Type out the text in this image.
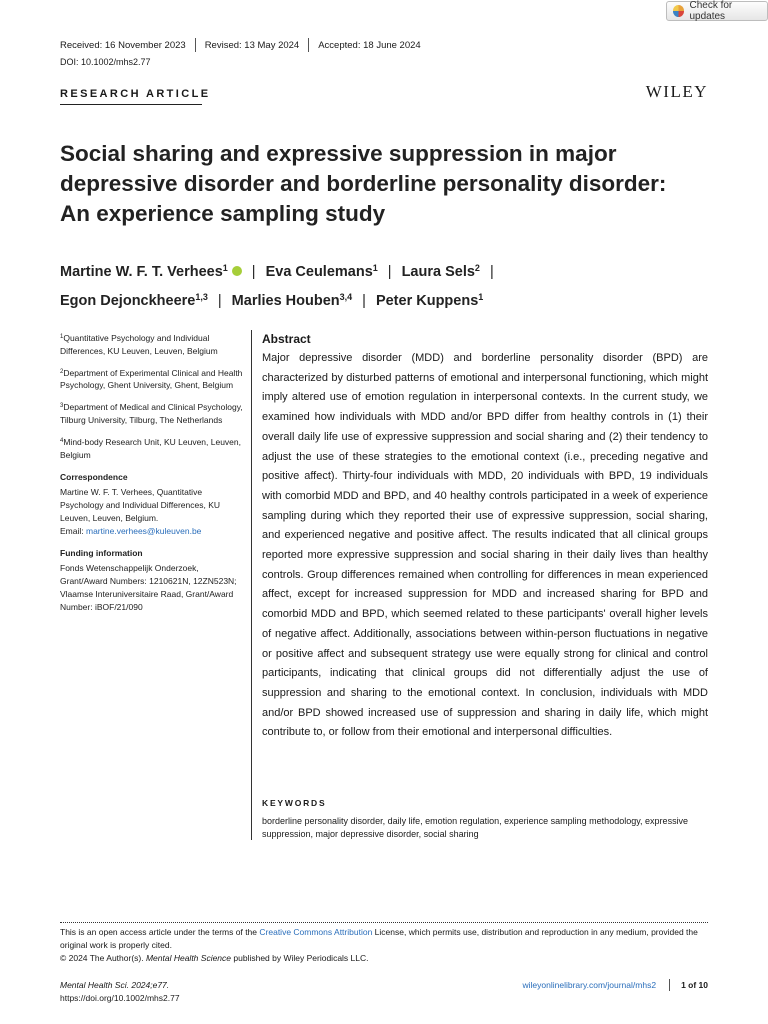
Check for updates
Received: 16 November 2023	Revised: 13 May 2024	Accepted: 18 June 2024
DOI: 10.1002/mhs2.77
RESEARCH ARTICLE	WILEY
Social sharing and expressive suppression in major
depressive disorder and borderline personality disorder:
An experience sampling study
Martine W. F. T. Verhees$^1$ | Eva Ceulemans$^1$ | Laura Sels$^2$ |
Egon Dejonckheere$^{1,3}$ | Marlies Houben$^{3,4}$ | Peter Kuppens$^1$

$^1$Quantitative Psychology and Individual Differences, KU Leuven, Leuven, Belgium

$^2$Department of Experimental Clinical and Health Psychology, Ghent University, Ghent, Belgium

$^3$Department of Medical and Clinical Psychology, Tilburg University, Tilburg, The Netherlands

$^4$Mind-body Research Unit, KU Leuven, Leuven, Belgium

Correspondence

Martine W. F. T. Verhees, Quantitative Psychology and Individual Differences, KU Leuven, Leuven, Belgium.
Email: martine.verhees@kuleuven.be

Funding information

Fonds Wetenschappelijk Onderzoek, Grant/Award Numbers: 1210621N, 12ZN523N; Vlaamse Interuniversitaire Raad, Grant/Award Number: iBOF/21/090

Abstract

Major depressive disorder (MDD) and borderline personality disorder (BPD) are characterized by disturbed patterns of emotional and interpersonal functioning, which might imply altered use of emotion regulation in interpersonal contexts. In the current study, we examined how individuals with MDD and/or BPD differ from healthy controls in (1) their overall daily life use of expressive suppression and social sharing and (2) their tendency to adjust the use of these strategies to the emotional context (i.e., preceding negative and positive affect). Thirty-four individuals with MDD, 20 individuals with BPD, 19 individuals with comorbid MDD and BPD, and 40 healthy controls participated in a week of experience sampling during which they reported their use of expressive suppression, social sharing, and experienced negative and positive affect. The results indicated that all clinical groups reported more expressive suppression and social sharing in their daily lives than healthy controls. Group differences remained when controlling for differences in mean experienced affect, except for increased suppression for MDD and increased sharing for BPD and comorbid MDD and BPD, which seemed related to these participants' overall higher levels of negative affect. Additionally, associations between within-person fluctuations in negative or positive affect and subsequent strategy use were equally strong for clinical and control participants, indicating that clinical groups did not differentially adjust the use of suppression and sharing to the emotional context. In conclusion, individuals with MDD and/or BPD showed increased use of suppression and sharing in daily life, which might contribute to, or follow from their emotional and interpersonal difficulties.

KEYWORDS
borderline personality disorder, daily life, emotion regulation, experience sampling methodology, expressive suppression, major depressive disorder, social sharing

This is an open access article under the terms of the Creative Commons Attribution License, which permits use, distribution and reproduction in any medium, provided the original work is properly cited.
© 2024 The Author(s). Mental Health Science published by Wiley Periodicals LLC.

Mental Health Sci. 2024;e77.
https://doi.org/10.1002/mhs2.77
wileyonlinelibrary.com/journal/mhs2	1 of 10
